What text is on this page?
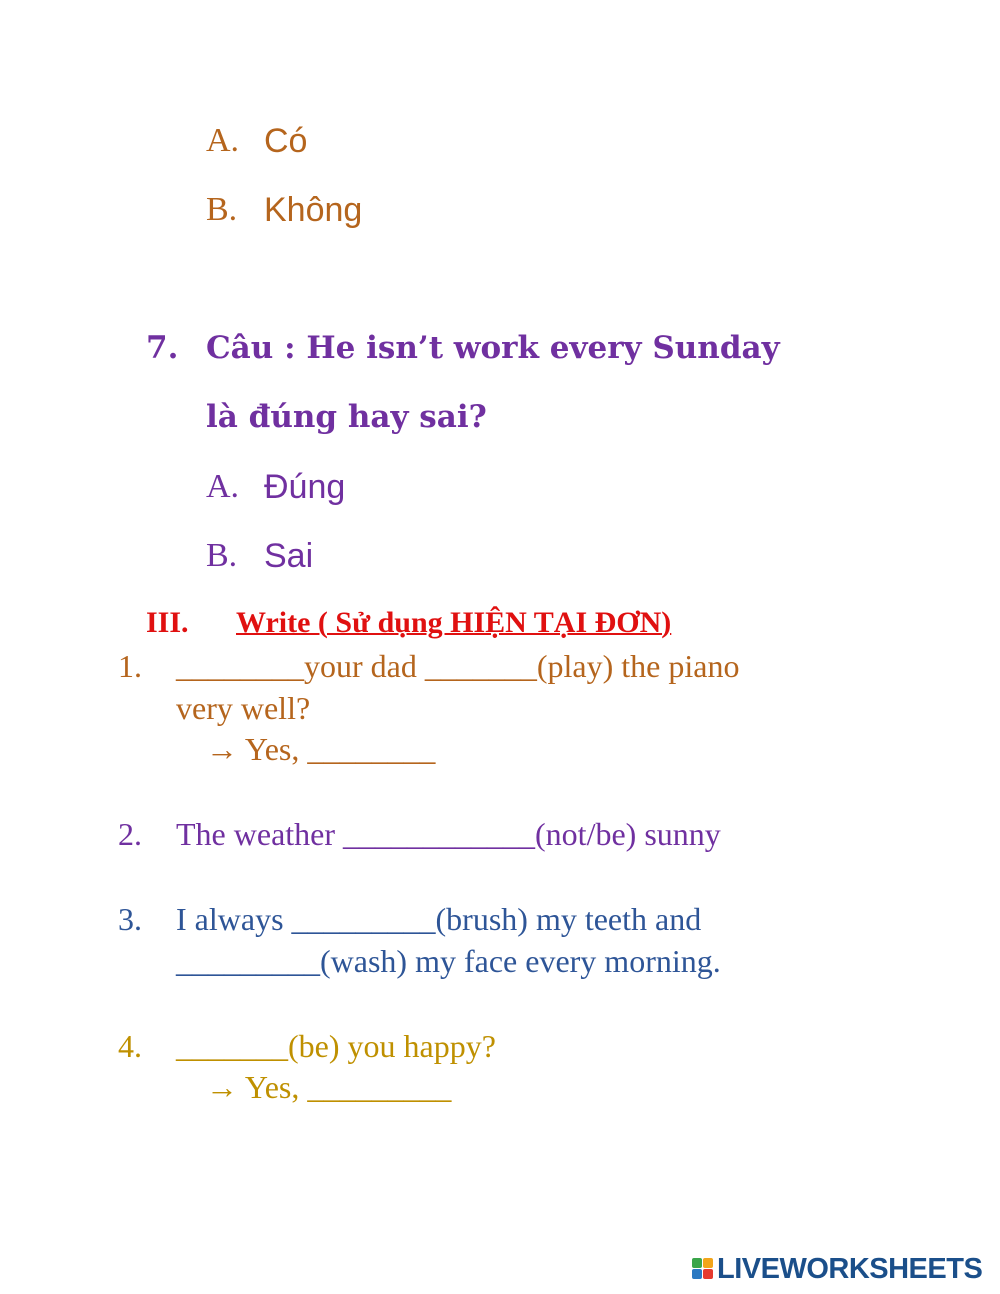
A. Có
B. Không
7. Câu : He isn’t work every Sunday
là đúng hay sai?
A. Đúng
B. Sai
III. Write ( Sử dụng HIỆN TẠI ĐƠN)
1. ________your dad _______(play) the piano
very well?
→ Yes, ________
2. The weather ____________(not/be) sunny
3. I always _________(brush) my teeth and
_________(wash) my face every morning.
4. _______(be) you happy?
→ Yes, _________
LIVEWORKSHEETS
